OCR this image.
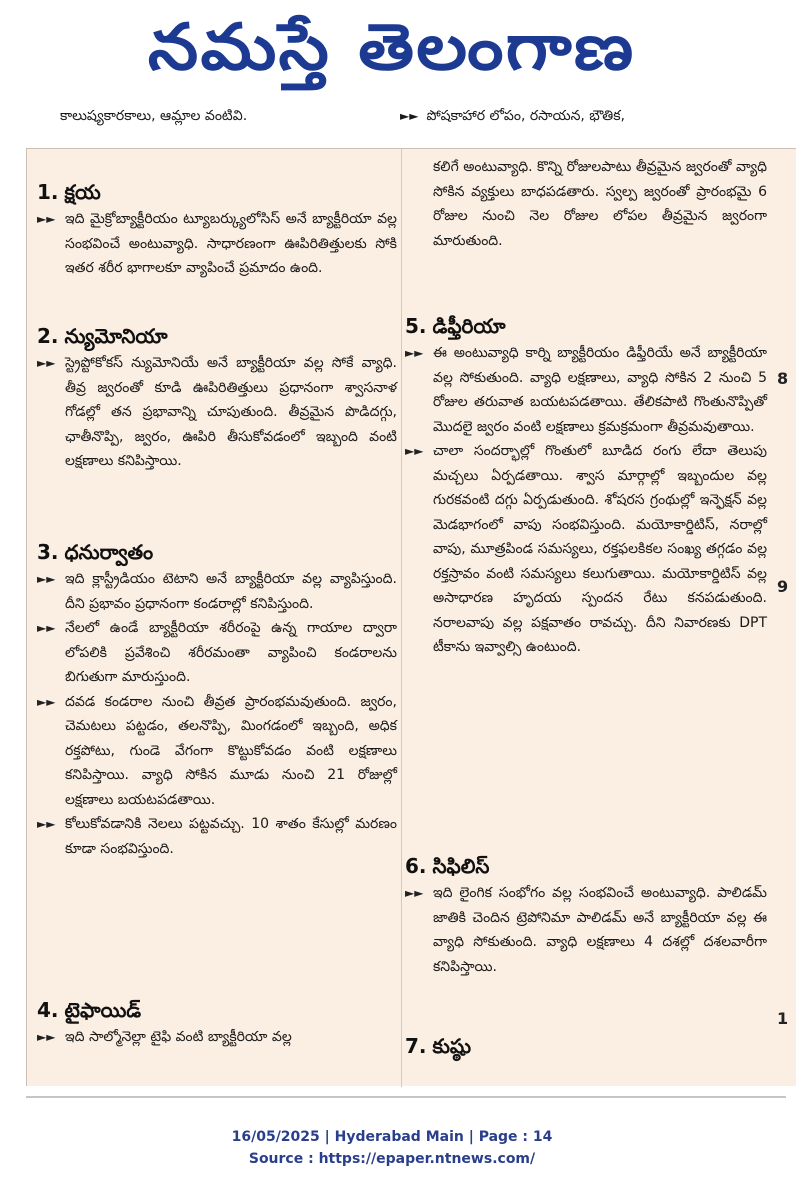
నమస్తే తెలంగాణ
కాలుష్యకారకాలు, ఆమ్లాల వంటివి.	►► పోషకాహార లోపం, రసాయన, భౌతిక,
1. క్షయ
►► ఇది మైక్రోబ్యాక్టీరియం ట్యూబర్క్యులోసిస్ అనే బ్యాక్టీరియా వల్ల సంభవించే అంటువ్యాధి. సాధారణంగా ఊపిరితిత్తులకు సోకి ఇతర శరీర భాగాలకూ వ్యాపించే ప్రమాదం ఉంది.
2. న్యుమోనియా
►► స్ట్రెప్టోకోకస్ న్యుమోనియే అనే బ్యాక్టీరియా వల్ల సోకే వ్యాధి. తీవ్ర జ్వరంతో కూడి ఊపిరితిత్తులు ప్రధానంగా శ్వాసనాళ గోడల్లో తన ప్రభావాన్ని చూపుతుంది. తీవ్రమైన పొడిదగ్గు, ఛాతీనొప్పి, జ్వరం, ఊపిరి తీసుకోవడంలో ఇబ్బంది వంటి లక్షణాలు కనిపిస్తాయి.
3. ధనుర్వాతం
►► ఇది క్లాస్ట్రీడియం టెటాని అనే బ్యాక్టీరియా వల్ల వ్యాపిస్తుంది. దీని ప్రభావం ప్రధానంగా కండరాల్లో కనిపిస్తుంది.
►► నేలలో ఉండే బ్యాక్టీరియా శరీరంపై ఉన్న గాయాల ద్వారా లోపలికి ప్రవేశించి శరీరమంతా వ్యాపించి కండరాలను బిగుతుగా మారుస్తుంది.
►► దవడ కండరాల నుంచి తీవ్రత ప్రారంభమవుతుంది. జ్వరం, చెమటలు పట్టడం, తలనొప్పి, మింగడంలో ఇబ్బంది, అధిక రక్తపోటు, గుండె వేగంగా కొట్టుకోవడం వంటి లక్షణాలు కనిపిస్తాయి. వ్యాధి సోకిన మూడు నుంచి 21 రోజుల్లో లక్షణాలు బయటపడతాయి.
►► కోలుకోవడానికి నెలలు పట్టవచ్చు. 10 శాతం కేసుల్లో మరణం కూడా సంభవిస్తుంది.
4. టైఫాయిడ్
►► ఇది సాల్మోనెల్లా టైఫి వంటి బ్యాక్టీరియా వల్ల
కలిగే అంటువ్యాధి. కొన్ని రోజులపాటు తీవ్రమైన జ్వరంతో వ్యాధి సోకిన వ్యక్తులు బాధపడతారు. స్వల్ప జ్వరంతో ప్రారంభమై 6 రోజుల నుంచి నెల రోజుల లోపల తీవ్రమైన జ్వరంగా మారుతుంది.
5. డిఫ్తీరియా
►► ఈ అంటువ్యాధి కార్ని బ్యాక్టీరియం డిఫ్తీరియే అనే బ్యాక్టీరియా వల్ల సోకుతుంది. వ్యాధి లక్షణాలు, వ్యాధి సోకిన 2 నుంచి 5 రోజుల తరువాత బయటపడతాయి. తేలికపాటి గొంతునొప్పితో మొదలై జ్వరం వంటి లక్షణాలు క్రమక్రమంగా తీవ్రమవుతాయి.
►► చాలా సందర్భాల్లో గొంతులో బూడిద రంగు లేదా తెలుపు మచ్చలు ఏర్పడతాయి. శ్వాస మార్గాల్లో ఇబ్బందుల వల్ల గురకవంటి దగ్గు ఏర్పడుతుంది. శోషరస గ్రంథుల్లో ఇన్ఫెక్షన్ వల్ల మెడభాగంలో వాపు సంభవిస్తుంది. మయోకార్డిటిస్, నరాల్లో వాపు, మూత్రపిండ సమస్యలు, రక్తఫలకికల సంఖ్య తగ్గడం వల్ల రక్తస్రావం వంటి సమస్యలు కలుగుతాయి. మయోకార్డిటిస్ వల్ల అసాధారణ హృదయ స్పందన రేటు కనపడుతుంది. నరాలవాపు వల్ల పక్షవాతం రావచ్చు. దీని నివారణకు DPT టీకాను ఇవ్వాల్సి ఉంటుంది.
6. సిఫిలిస్
►► ఇది లైంగిక సంభోగం వల్ల సంభవించే అంటువ్యాధి. పాలిడమ్ జాతికి చెందిన ట్రెపోనిమా పాలిడమ్ అనే బ్యాక్టీరియా వల్ల ఈ వ్యాధి సోకుతుంది. వ్యాధి లక్షణాలు 4 దశల్లో దశలవారీగా కనిపిస్తాయి.
7. కుష్ఠు
8
9
1
16/05/2025 | Hyderabad Main | Page : 14
Source : https://epaper.ntnews.com/
